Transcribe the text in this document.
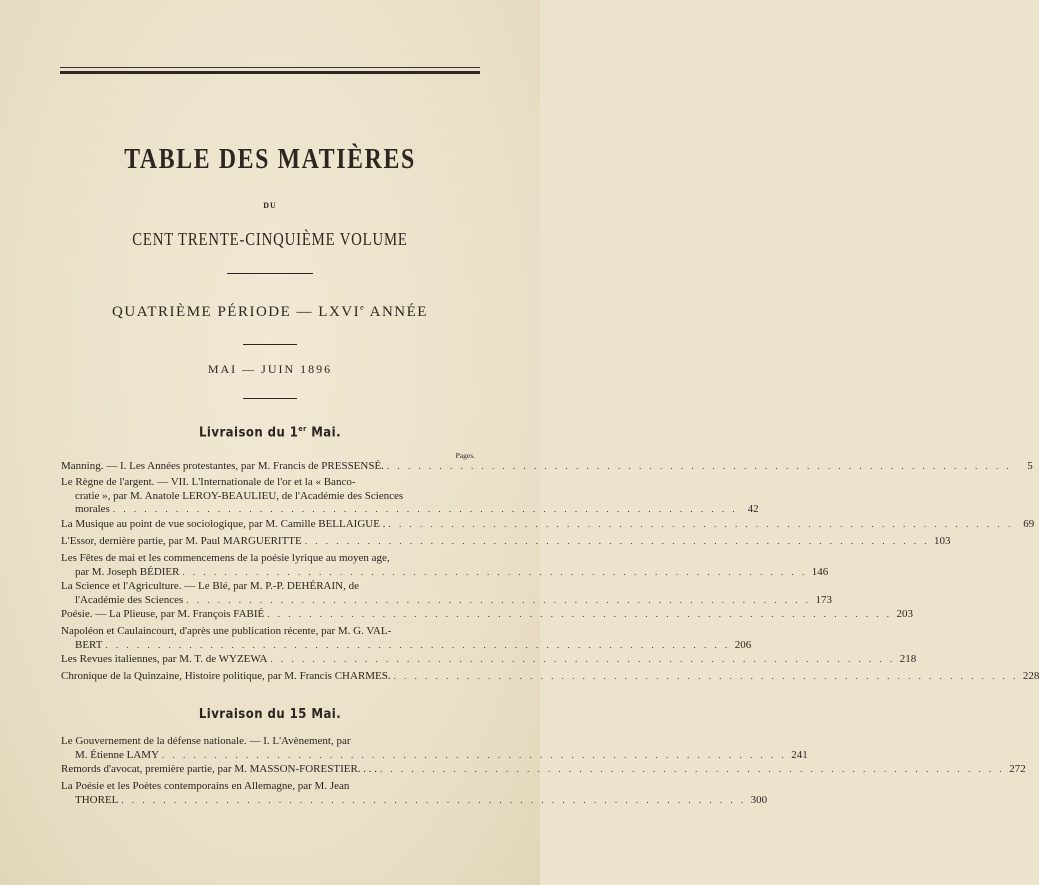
TABLE DES MATIÈRES
DU
CENT TRENTE-CINQUIÈME VOLUME
QUATRIÈME PÉRIODE — LXVIe ANNÉE
MAI — JUIN 1896
Livraison du 1er Mai.
Pages.
Manning. — I. Les Années protestantes, par M. Francis de PRESSENSÉ. . . . . . . . . . . . . . . . . . . . . . . . . . . . . . . . . . . . . . . . . . . . . . . . . . . . . . . . . . . . .	5
Le Règne de l'argent. — VII. L'Internationale de l'or et la « Banco-
cratie », par M. Anatole LEROY-BEAULIEU, de l'Académie des Sciences
morales . . . . . . . . . . . . . . . . . . . . . . . . . . . . . . . . . . . . . . . . . . . . . . . . . . . . . . . . . . . . 42
La Musique au point de vue sociologique, par M. Camille BELLAIGUE . . . . . . . . . . . . . . . . . . . . . . . . . . . . . . . . . . . . . . . . . . . . . . . . . . . . . . . . . . . . . 69
L'Essor, dernière partie, par M. Paul MARGUERITTE . . . . . . . . . . . . . . . . . . . . . . . . . . . . . . . . . . . . . . . . . . . . . . . . . . . . . . . . . . . . 103
Les Fêtes de mai et les commencemens de la poésie lyrique au moyen age,
par M. Joseph BÉDIER . . . . . . . . . . . . . . . . . . . . . . . . . . . . . . . . . . . . . . . . . . . . . . . . . . . . . . . . . . . . 146
La Science et l'Agriculture. — Le Blé, par M. P.-P. DEHÉRAIN, de
l'Académie des Sciences . . . . . . . . . . . . . . . . . . . . . . . . . . . . . . . . . . . . . . . . . . . . . . . . . . . . . . . . . . . . 173
Poésie. — La Plieuse, par M. François FABIÉ . . . . . . . . . . . . . . . . . . . . . . . . . . . . . . . . . . . . . . . . . . . . . . . . . . . . . . . . . . . . 203
Napoléon et Caulaincourt, d'après une publication récente, par M. G. VAL-
BERT . . . . . . . . . . . . . . . . . . . . . . . . . . . . . . . . . . . . . . . . . . . . . . . . . . . . . . . . . . . . 206
Les Revues italiennes, par M. T. de WYZEWA . . . . . . . . . . . . . . . . . . . . . . . . . . . . . . . . . . . . . . . . . . . . . . . . . . . . . . . . . . . . 218
Chronique de la Quinzaine, Histoire politique, par M. Francis CHARMES. . . . . . . . . . . . . . . . . . . . . . . . . . . . . . . . . . . . . . . . . . . . . . . . . . . . . . . . . . . . . 228
Livraison du 15 Mai.
Le Gouvernement de la défense nationale. — I. L'Avènement, par
M. Étienne LAMY . . . . . . . . . . . . . . . . . . . . . . . . . . . . . . . . . . . . . . . . . . . . . . . . . . . . . . . . . . . . 241
Remords d'avocat, première partie, par M. MASSON-FORESTIER. . . . . . . . . . . . . . . . . . . . . . . . . . . . . . . . . . . . . . . . . . . . . . . . . . . . . . . . . . . . . . . . 272
La Poésie et les Poètes contemporains en Allemagne, par M. Jean
THOREL . . . . . . . . . . . . . . . . . . . . . . . . . . . . . . . . . . . . . . . . . . . . . . . . . . . . . . . . . . . . 300
